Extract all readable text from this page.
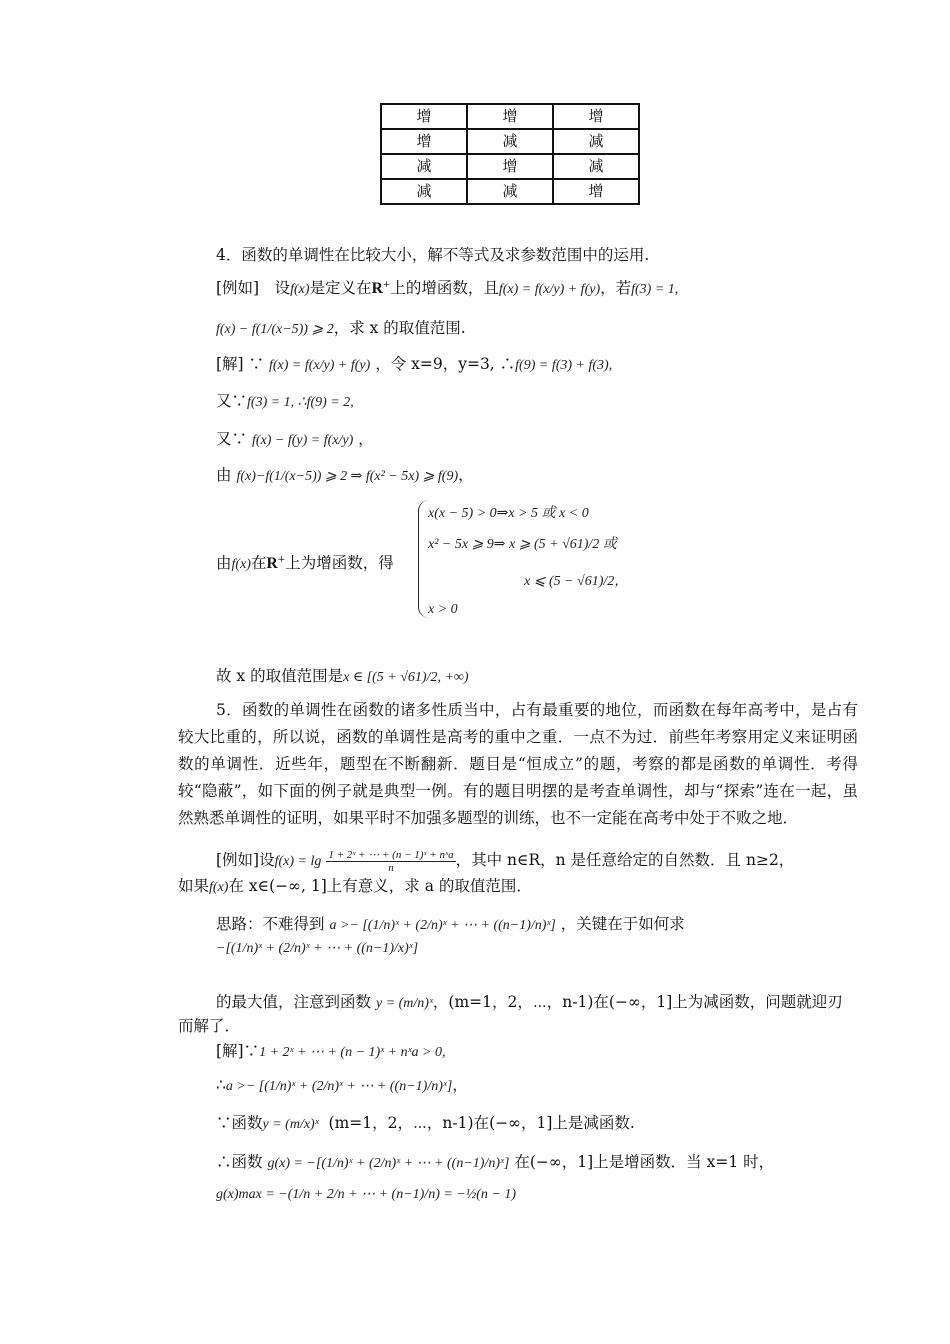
增	增	增
增	减	减
减	增	减
减	减	增
4．函数的单调性在比较大小，解不等式及求参数范围中的运用.
[例如]　设f(x)是定义在R+上的增函数，且f(x) = f(x/y) + f(y)，若f(3) = 1,
f(x) − f(1/(x−5)) ⩾ 2，求 x 的取值范围.
[解] ∵ f(x) = f(x/y) + f(y) ，令 x=9，y=3, ∴f(9) = f(3) + f(3),
又∵f(3) = 1, ∴f(9) = 2,
又∵ f(x) − f(y) = f(x/y) ，
由 f(x)−f(1/(x−5)) ⩾ 2 ⇒ f(x² − 5x) ⩾ f(9)，
由f(x)在R+上为增函数，得
x(x − 5) > 0⇒x > 5 或 x < 0
x² − 5x ⩾ 9⇒ x ⩾ (5 + √61)/2 或
x ⩽ (5 − √61)/2，
x > 0
故 x 的取值范围是x ∈ [(5 + √61)/2, +∞)
5．函数的单调性在函数的诸多性质当中，占有最重要的地位，而函数在每年高考中，是占有较大比重的，所以说，函数的单调性是高考的重中之重．一点不为过．前些年考察用定义来证明函数的单调性．近些年，题型在不断翻新．题目是“恒成立”的题，考察的都是函数的单调性．考得较“隐蔽”，如下面的例子就是典型一例。有的题目明摆的是考查单调性，却与“探索”连在一起，虽然熟悉单调性的证明，如果平时不加强多题型的训练，也不一定能在高考中处于不败之地．
[例如]设$f(x) = \lg \frac{\text{1 + 2ˣ + ⋯ + (n − 1)ˣ + nˣa}}{n}$ ，其中 n∈R，n 是任意给定的自然数．且 n≥2，
如果f(x)在 x∈(−∞, 1]上有意义，求 a 的取值范围．
思路：不难得到 a >− [(1/n)ˣ + (2/n)ˣ + ⋯ + ((n−1)/n)ˣ] ，关键在于如何求
−[(1/n)ˣ + (2/n)ˣ + ⋯ + ((n−1)/x)ˣ]
的最大值，注意到函数 y = (m/n)ˣ，(m=1，2，⋯，n-1)在(−∞，1]上为减函数，问题就迎刃
而解了．
[解]∵1 + 2ˣ + ⋯ + (n − 1)ˣ + nˣa > 0,
∴a >− [(1/n)ˣ + (2/n)ˣ + ⋯ + ((n−1)/n)ˣ]，
∵函数y = (m/x)ˣ (m=1，2，⋯，n-1)在(−∞，1]上是减函数.
∴函数 g(x) = −[(1/n)ˣ + (2/n)ˣ + ⋯ + ((n−1)/n)ˣ] 在(−∞，1]上是增函数．当 x=1 时，
g(x)max = −(1/n + 2/n + ⋯ + (n−1)/n) = −½(n − 1)
